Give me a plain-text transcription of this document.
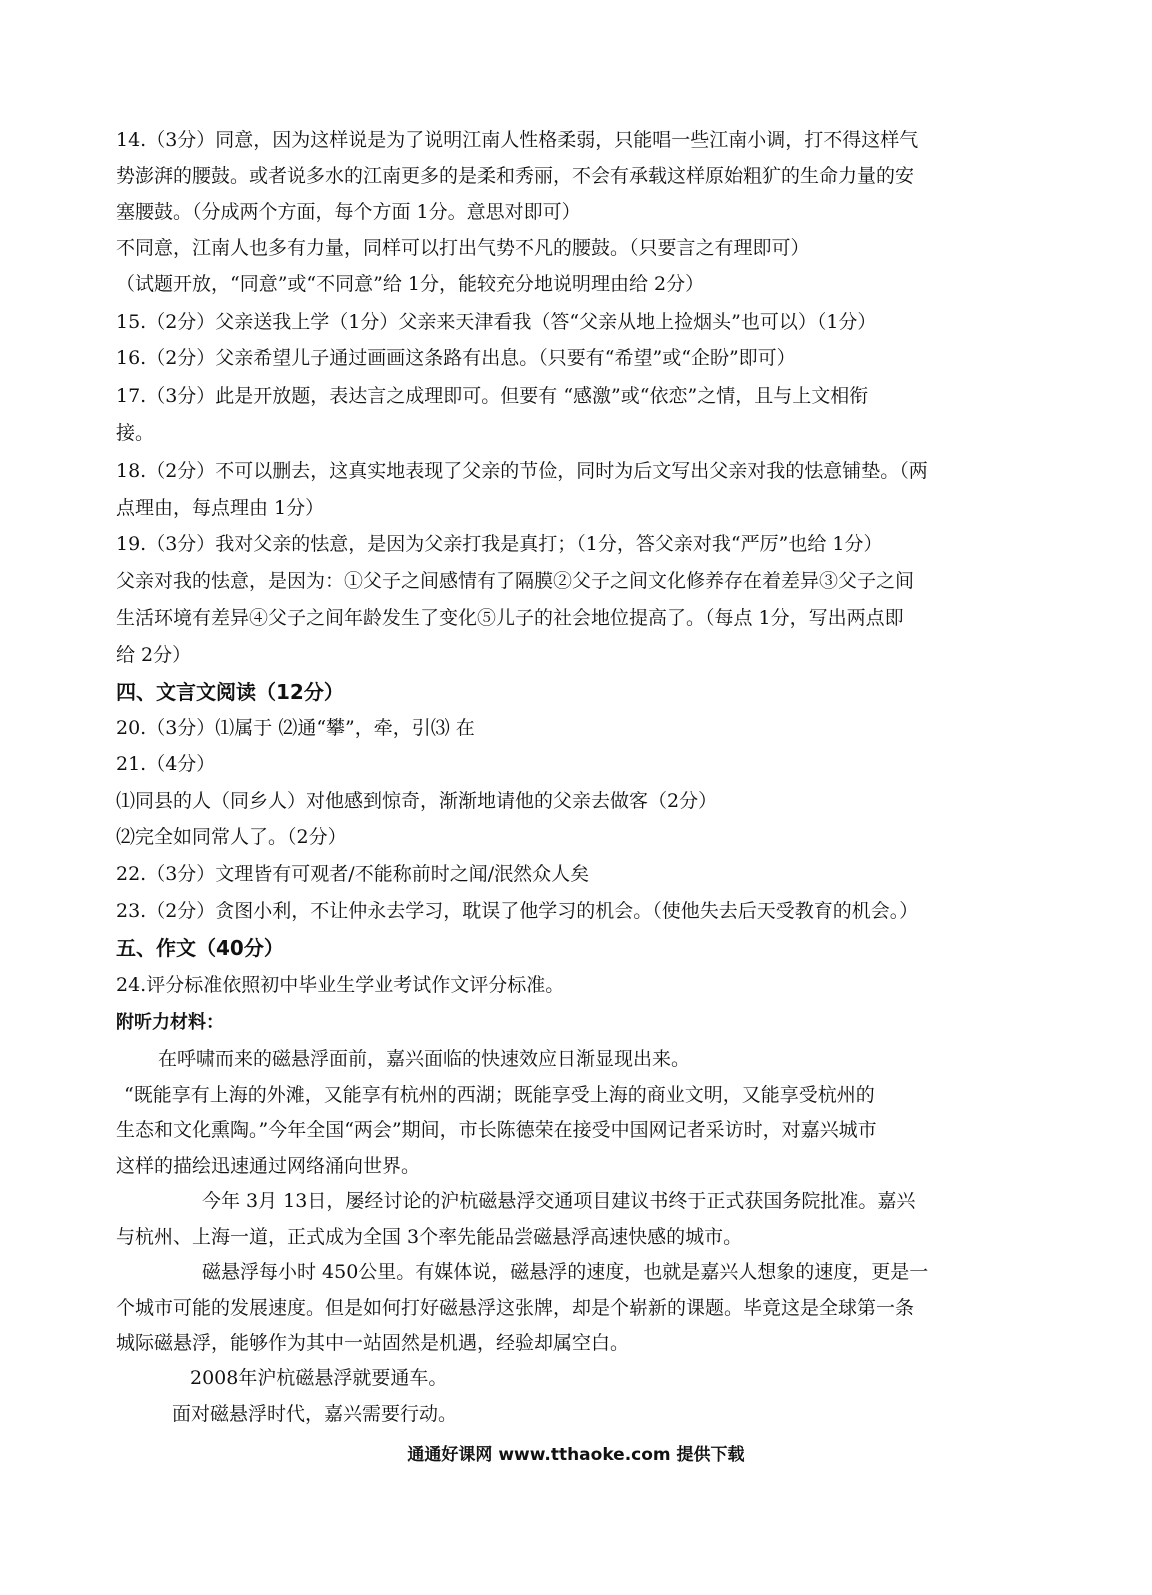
14.（3分）同意，因为这样说是为了说明江南人性格柔弱，只能唱一些江南小调，打不得这样气
势澎湃的腰鼓。或者说多水的江南更多的是柔和秀丽，不会有承载这样原始粗犷的生命力量的安
塞腰鼓。（分成两个方面，每个方面 1分。意思对即可）
不同意，江南人也多有力量，同样可以打出气势不凡的腰鼓。（只要言之有理即可）
（试题开放，“同意”或“不同意”给 1分，能较充分地说明理由给 2分）
15.（2分）父亲送我上学（1分）父亲来天津看我（答“父亲从地上捡烟头”也可以）（1分）
16.（2分）父亲希望儿子通过画画这条路有出息。（只要有“希望”或“企盼”即可）
17.（3分）此是开放题，表达言之成理即可。但要有 “感激”或“依恋”之情，且与上文相衔
接。
18.（2分）不可以删去，这真实地表现了父亲的节俭，同时为后文写出父亲对我的怯意铺垫。（两
点理由，每点理由 1分）
19.（3分）我对父亲的怯意，是因为父亲打我是真打；（1分，答父亲对我“严厉”也给 1分）
父亲对我的怯意，是因为：①父子之间感情有了隔膜②父子之间文化修养存在着差异③父子之间
生活环境有差异④父子之间年龄发生了变化⑤儿子的社会地位提高了。（每点 1分，写出两点即
给 2分）
四、文言文阅读（12分）
20.（3分）⑴属于 ⑵通“攀”，牵，引⑶ 在
21.（4分）
⑴同县的人（同乡人）对他感到惊奇，渐渐地请他的父亲去做客（2分）
⑵完全如同常人了。（2分）
22.（3分）文理皆有可观者/不能称前时之闻/泯然众人矣
23.（2分）贪图小利，不让仲永去学习，耽误了他学习的机会。（使他失去后天受教育的机会。）
五、作文（40分）
24.评分标准依照初中毕业生学业考试作文评分标准。
附听力材料：
在呼啸而来的磁悬浮面前，嘉兴面临的快速效应日渐显现出来。
“既能享有上海的外滩，又能享有杭州的西湖；既能享受上海的商业文明，又能享受杭州的
生态和文化熏陶。”今年全国“两会”期间，市长陈德荣在接受中国网记者采访时，对嘉兴城市
这样的描绘迅速通过网络涌向世界。
今年 3月 13日，屡经讨论的沪杭磁悬浮交通项目建议书终于正式获国务院批准。嘉兴
与杭州、上海一道，正式成为全国 3个率先能品尝磁悬浮高速快感的城市。
磁悬浮每小时 450公里。有媒体说，磁悬浮的速度，也就是嘉兴人想象的速度，更是一
个城市可能的发展速度。但是如何打好磁悬浮这张牌，却是个崭新的课题。毕竟这是全球第一条
城际磁悬浮，能够作为其中一站固然是机遇，经验却属空白。
2008年沪杭磁悬浮就要通车。
面对磁悬浮时代，嘉兴需要行动。
通通好课网 www.tthaoke.com 提供下载
